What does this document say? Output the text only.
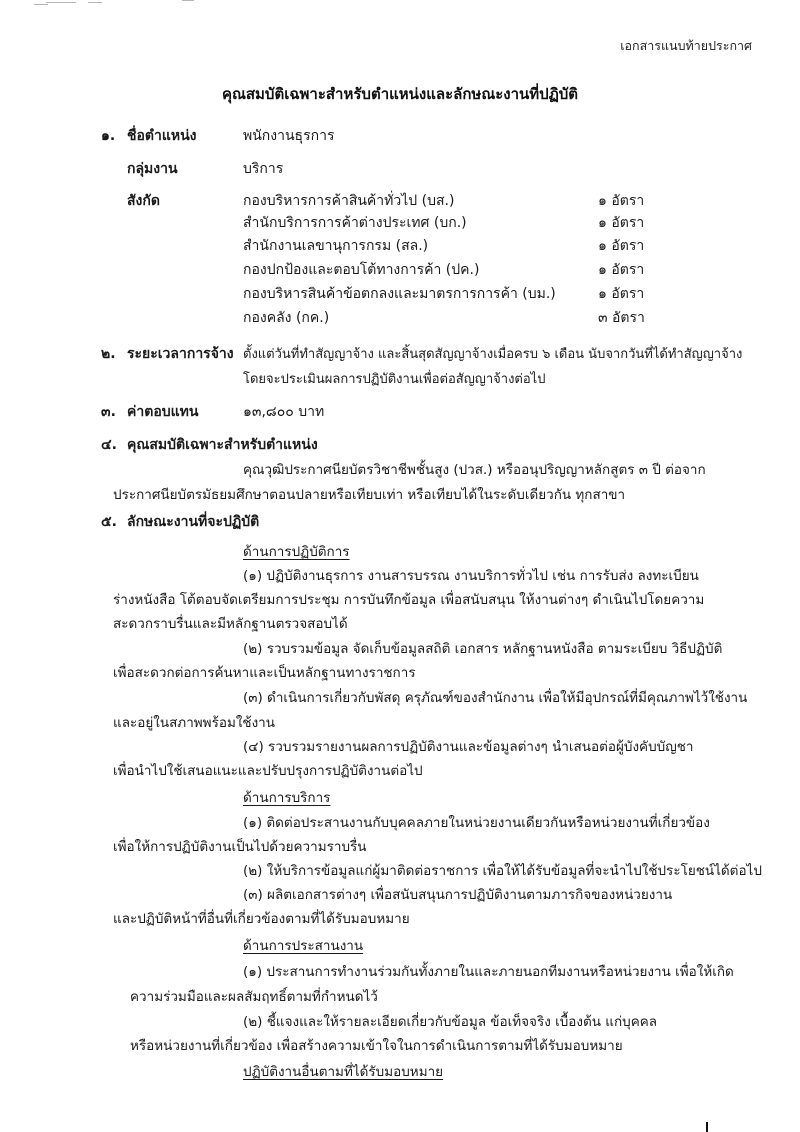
เอกสารแนบท้ายประกาศ
คุณสมบัติเฉพาะสำหรับตำแหน่งและลักษณะงานที่ปฏิบัติ
๑. ชื่อตำแหน่ง	พนักงานธุรการ
กลุ่มงาน	บริการ
สังกัด	กองบริหารการค้าสินค้าทั่วไป (บส.)	๑ อัตรา
สำนักบริการการค้าต่างประเทศ (บก.)	๑ อัตรา
สำนักงานเลขานุการกรม (สล.)	๑ อัตรา
กองปกป้องและตอบโต้ทางการค้า (ปค.)	๑ อัตรา
กองบริหารสินค้าข้อตกลงและมาตรการการค้า (บม.)	๑ อัตรา
กองคลัง (กค.)	๓ อัตรา
๒. ระยะเวลาการจ้าง ตั้งแต่วันที่ทำสัญญาจ้าง และสิ้นสุดสัญญาจ้างเมื่อครบ ๖ เดือน นับจากวันที่ได้ทำสัญญาจ้าง
โดยจะประเมินผลการปฏิบัติงานเพื่อต่อสัญญาจ้างต่อไป
๓. ค่าตอบแทน	๑๓,๘๐๐ บาท
๔. คุณสมบัติเฉพาะสำหรับตำแหน่ง
คุณวุฒิประกาศนียบัตรวิชาชีพชั้นสูง (ปวส.) หรืออนุปริญญาหลักสูตร ๓ ปี ต่อจาก
ประกาศนียบัตรมัธยมศึกษาตอนปลายหรือเทียบเท่า หรือเทียบได้ในระดับเดียวกัน ทุกสาขา
๕. ลักษณะงานที่จะปฏิบัติ
ด้านการปฏิบัติการ
(๑) ปฏิบัติงานธุรการ งานสารบรรณ งานบริการทั่วไป เช่น การรับส่ง ลงทะเบียน
ร่างหนังสือ โต้ตอบจัดเตรียมการประชุม การบันทึกข้อมูล เพื่อสนับสนุน ให้งานต่างๆ ดำเนินไปโดยความ
สะดวกราบรื่นและมีหลักฐานตรวจสอบได้
(๒) รวบรวมข้อมูล จัดเก็บข้อมูลสถิติ เอกสาร หลักฐานหนังสือ ตามระเบียบ วิธีปฏิบัติ
เพื่อสะดวกต่อการค้นหาและเป็นหลักฐานทางราชการ
(๓) ดำเนินการเกี่ยวกับพัสดุ ครุภัณฑ์ของสำนักงาน เพื่อให้มีอุปกรณ์ที่มีคุณภาพไว้ใช้งาน
และอยู่ในสภาพพร้อมใช้งาน
(๔) รวบรวมรายงานผลการปฏิบัติงานและข้อมูลต่างๆ นำเสนอต่อผู้บังคับบัญชา
เพื่อนำไปใช้เสนอแนะและปรับปรุงการปฏิบัติงานต่อไป
ด้านการบริการ
(๑) ติดต่อประสานงานกับบุคคลภายในหน่วยงานเดียวกันหรือหน่วยงานที่เกี่ยวข้อง
เพื่อให้การปฏิบัติงานเป็นไปด้วยความราบรื่น
(๒) ให้บริการข้อมูลแก่ผู้มาติดต่อราชการ เพื่อให้ได้รับข้อมูลที่จะนำไปใช้ประโยชน์ได้ต่อไป
(๓) ผลิตเอกสารต่างๆ เพื่อสนับสนุนการปฏิบัติงานตามภารกิจของหน่วยงาน
และปฏิบัติหน้าที่อื่นที่เกี่ยวข้องตามที่ได้รับมอบหมาย
ด้านการประสานงาน
(๑) ประสานการทำงานร่วมกันทั้งภายในและภายนอกทีมงานหรือหน่วยงาน เพื่อให้เกิด
ความร่วมมือและผลสัมฤทธิ์ตามที่กำหนดไว้
(๒) ชี้แจงและให้รายละเอียดเกี่ยวกับข้อมูล ข้อเท็จจริง เบื้องต้น แก่บุคคล
หรือหน่วยงานที่เกี่ยวข้อง เพื่อสร้างความเข้าใจในการดำเนินการตามที่ได้รับมอบหมาย
ปฏิบัติงานอื่นตามที่ได้รับมอบหมาย
